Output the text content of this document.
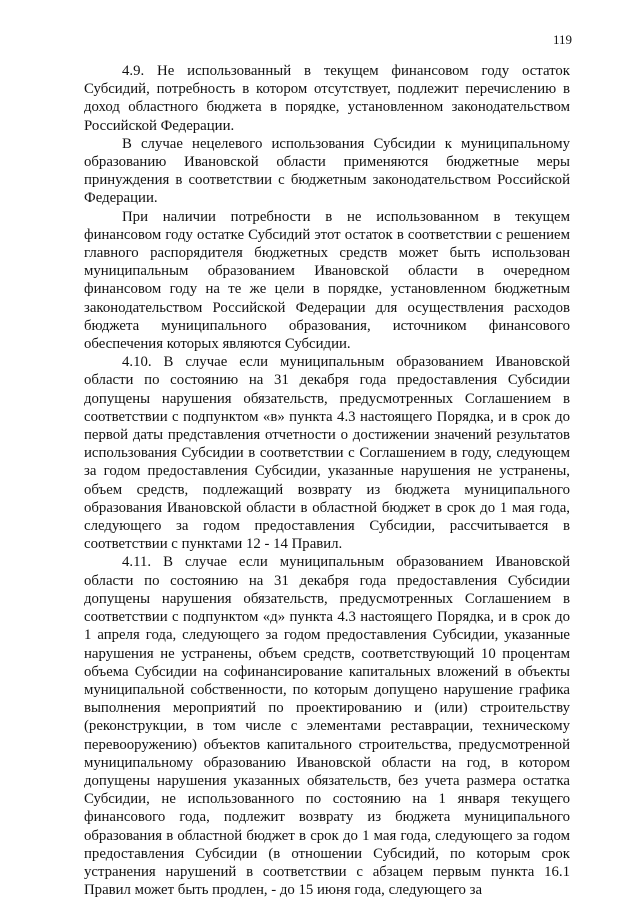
119

4.9. Не использованный в текущем финансовом году остаток Субсидий, потребность в котором отсутствует, подлежит перечислению в доход областного бюджета в порядке, установленном законодательством Российской Федерации.

В случае нецелевого использования Субсидии к муниципальному образованию Ивановской области применяются бюджетные меры принуждения в соответствии с бюджетным законодательством Российской Федерации.

При наличии потребности в не использованном в текущем финансовом году остатке Субсидий этот остаток в соответствии с решением главного распорядителя бюджетных средств может быть использован муниципальным образованием Ивановской области в очередном финансовом году на те же цели в порядке, установленном бюджетным законодательством Российской Федерации для осуществления расходов бюджета муниципального образования, источником финансового обеспечения которых являются Субсидии.

4.10. В случае если муниципальным образованием Ивановской области по состоянию на 31 декабря года предоставления Субсидии допущены нарушения обязательств, предусмотренных Соглашением в соответствии с подпунктом «в» пункта 4.3 настоящего Порядка, и в срок до первой даты представления отчетности о достижении значений результатов использования Субсидии в соответствии с Соглашением в году, следующем за годом предоставления Субсидии, указанные нарушения не устранены, объем средств, подлежащий возврату из бюджета муниципального образования Ивановской области в областной бюджет в срок до 1 мая года, следующего за годом предоставления Субсидии, рассчитывается в соответствии с пунктами 12 - 14 Правил.

4.11. В случае если муниципальным образованием Ивановской области по состоянию на 31 декабря года предоставления Субсидии допущены нарушения обязательств, предусмотренных Соглашением в соответствии с подпунктом «д» пункта 4.3 настоящего Порядка, и в срок до 1 апреля года, следующего за годом предоставления Субсидии, указанные нарушения не устранены, объем средств, соответствующий 10 процентам объема Субсидии на софинансирование капитальных вложений в объекты муниципальной собственности, по которым допущено нарушение графика выполнения мероприятий по проектированию и (или) строительству (реконструкции, в том числе с элементами реставрации, техническому перевооружению) объектов капитального строительства, предусмотренной муниципальному образованию Ивановской области на год, в котором допущены нарушения указанных обязательств, без учета размера остатка Субсидии, не использованного по состоянию на 1 января текущего финансового года, подлежит возврату из бюджета муниципального образования в областной бюджет в срок до 1 мая года, следующего за годом предоставления Субсидии (в отношении Субсидий, по которым срок устранения нарушений в соответствии с абзацем первым пункта 16.1 Правил может быть продлен, - до 15 июня года, следующего за
